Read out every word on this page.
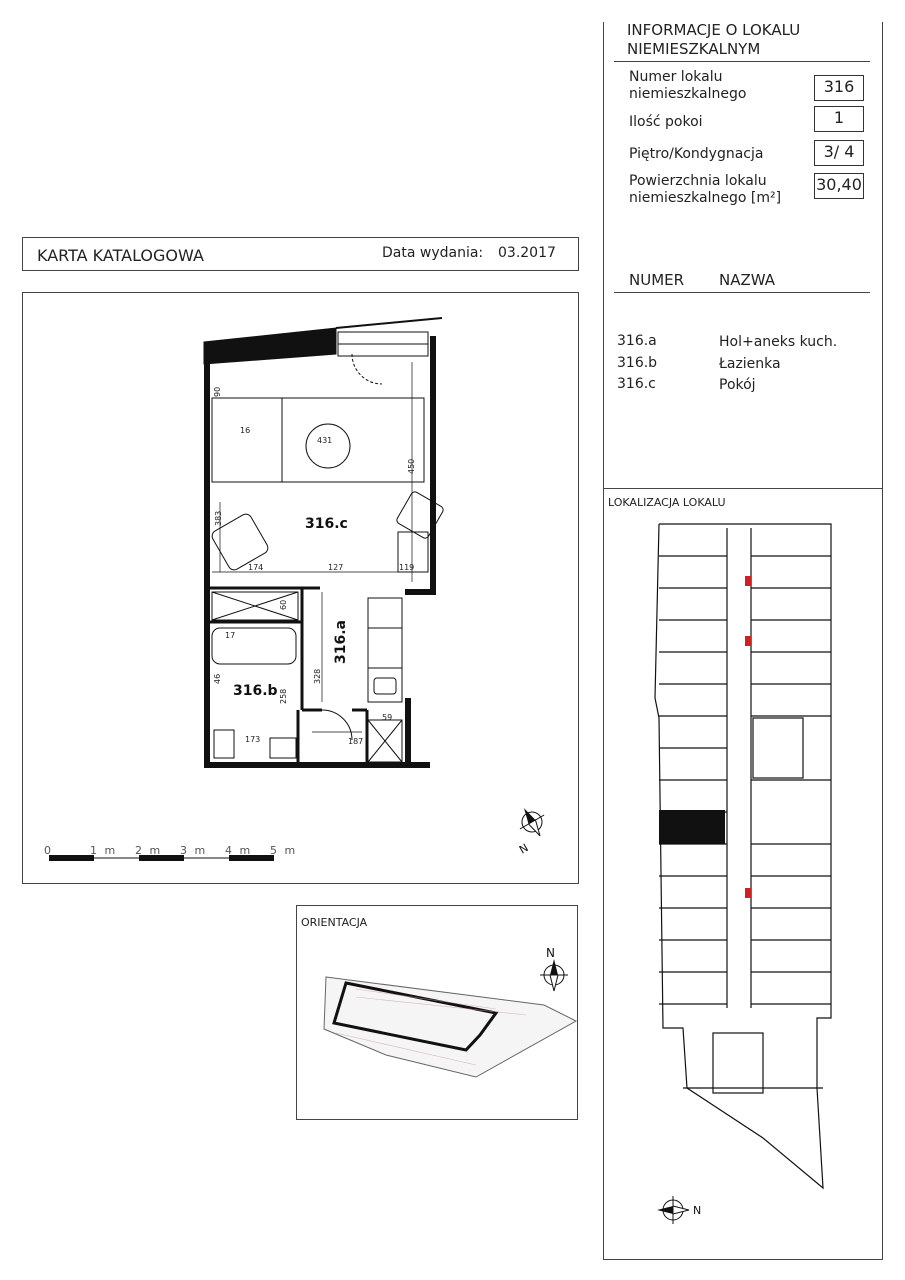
INFORMACJE O LOKALU
NIEMIESZKALNYM
Numer lokalu
niemieszkalnego	316
Ilość pokoi	1
Piętro/Kondygnacja	3/ 4
Powierzchnia lokalu
niemieszkalnego [m²]
30,40
NUMER NAZWA
316.a	Hol+aneks kuch.
316.b	Łazienka
316.c	Pokój
LOKALIZACJA LOKALU
KARTA KATALOGOWA	Data wydania: 03.2017
316.c
316.a
316.b
90
16
431
450
383
174	127	119
60
17
328
46
258
173	187
59
0	1 m 2 m 3 m 4 m 5 m	N
ORIENTACJA
N
N
